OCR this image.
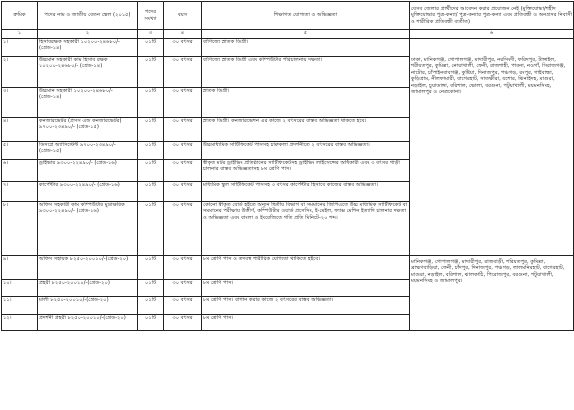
ক্রমিক	পদের নাম ও জাতীয় বেতন স্কেল (২০১৫)	পদের সংখ্যা	বয়স	শিক্ষাগত যোগ্যতা ও অভিজ্ঞতা	যেসব জেলার প্রার্থীদের আবেদন করার প্রয়োজন নেই (মুক্তিযোদ্ধা/শহীদ মুক্তিযোদ্ধার পুত্র-কন্যা/ পুত্র-কন্যার পুত্র-কন্যা এবং প্রতিবন্ধী ও অনগ্রসর নিবাসী ও শারীরিক প্রতিবন্ধী ব্যতীত)
১	২	৩	৪	৫	৬
১।	হিসাবরক্ষক সহকারী ১০২০০-২৪৬৮০/- (গ্রেড-১৪)	০১টি	৩০ বৎসর	বাণিজ্যে স্নাতক ডিগ্রী।	ঢাকা, মানিকগঞ্জ, গোপালগঞ্জ, মাদারীপুর, নরসিংদী, ফরিদপুর, টাঙ্গাইল, শরীয়তপুর, কুমিল্লা, নোয়াখালী, ফেনী, রাজশাহী, পাবনা, নওগাঁ, সিরাজগঞ্জ, নাটোর, চাঁপাইনবাবগঞ্জ, কুষ্টিয়া, দিনাজপুর, পঞ্চগড়, রংপুর, গাইবান্ধা, কুড়িগ্রাম, নীলফামারী, বাগেরহাট, সাতক্ষীরা, যশোর, ঝিনাইদহ, মাগুরা, নড়াইল, চুয়াডাঙ্গা, বরিশাল, ভোলা, বরগুনা, পটুয়াখালী, ময়মনসিংহ, জামালপুর ও নেত্রকোনা।
২।	উচ্চমান সহকারী কাম হিসাব রক্ষক ১০২০০-২৪৬৮০/- (গ্রেড-১৪)	০১টি	৩০ বৎসর	বাণিজ্যে স্নাতক ডিগ্রী এবং কম্পিউটার পরিচালনায় দক্ষতা।	
৩।	উচ্চমান সহকারী ১০২০০-২৪৬৮০/- (গ্রেড-১৪)	০১টি	৩০ বৎসর	স্নাতক ডিগ্রী।	
৪।	কনজারভেটর (প্রসস এন্ড কনজারভেটর) ৯৭০০-২৩৪৯০/- (গ্রেড-১৫)	০১টি	৩০ বৎসর	স্নাতক ডিগ্রী। কনজারভেশন এর কাজে ২ বৎসরের বাস্তব অভিজ্ঞতা থাকতে হবে।	
৫।	ডিসপ্লে অ্যাসিস্টেন্ট ৯৭০০-২৩৪৯০/- (গ্রেড-১৫)	০১টি	৩০ বৎসর	উচ্চমাধ্যমিক সার্টিফিকেট পাসসহ চারুকলা প্রদর্শনীতে ২ বৎসরের বাস্তব অভিজ্ঞতা।	
৬।	ড্রাইভার ৯৩০০-২২৪৯০/- (গ্রেড-১৬)	০১টি	৩০ বৎসর	স্বীকৃত মটর ড্রাইভিং প্রতিষ্ঠানের সার্টিফিকেটসহ ড্রাইভিং লাইসেন্সের অধিকারী এবং ৩ বৎসর গাড়ী চালনার বাস্তব অভিজ্ঞতাসহ ৮ম শ্রেণি পাস।	
৭।	কার্পেন্টার ৯৩০০-২২৪৯০/- (গ্রেড-১৬)	০১টি	৩০ বৎসর	মাধ্যমিক স্কুল সার্টিফিকেট পাসসহ ৩ বৎসর কার্পেন্টার হিসাবে কাজের বাস্তব অভিজ্ঞতা।	
৮।	অফিস সহকারী কাম কম্পিউটার মুদ্রাক্ষরিক ৯৩০০-২২৪৯০/- (গ্রেড-১৬)	০১টি	৩০ বৎসর	কোনো স্বীকৃত বোর্ড হইতে অন্যূন দ্বিতীয় বিভাগ বা সমমানের জিপিএতে উচ্চ মাধ্যমিক সার্টিফিকেট বা সমমানের পরীক্ষায় উত্তীর্ণ, কম্পিউটার ওয়ার্ড প্রসেসিং, ই-মেইল, ফ্যাক্স মেশিন ইত্যাদি চালনার দক্ষতা ও অভিজ্ঞতা এবং বাংলা ও ইংরেজিতে গতি প্রতি মিনিটে-২০ শব্দ।	
৯।	অফিস সহায়ক ৮২৫০-২০০১০/-(গ্রেড-২০)	০১টি	৩০ বৎসর	৮ম শ্রেণি পাস ও তদবস্থ শারীরিক যোগ্যতা থাকিতে হইবে।	মানিকগঞ্জ, গোপালগঞ্জ, মাদারীপুর, রাজবাড়ী, শরিয়তপুর, কুমিল্লা, ব্রাহ্মণবাড়িয়া, ফেনী, চাঁদপুর, দিনাজপুর, পঞ্চগড়, লালমনিরহাট, বাগেরহাট, মাগুরা, নড়াইল, বরিশাল, ঝালকাঠি, পিরোজপুর, বরগুনা, পটুয়াখালী, ময়মনসিংহ ও জামালপুর।
১০।	প্রহরী ৮২৫০-২০০১০/-(গ্রেড-২০)	০১টি	৩০ বৎসর	৮ম শ্রেণি পাস।	
১১।	মালী ৮২৫০-২০০১০/-(গ্রেড-২০)	০১টি	৩০ বৎসর	৮ম শ্রেণি পাস। বাগান করার কাজে ২ বৎসরের বাস্তব অভিজ্ঞতা।	
১২।	প্রদর্শনী প্রহরী ৮২৫০-২০০১০/-(গ্রেড-২০)	০১টি	৩০ বৎসর	৮ম শ্রেণি পাস।	
